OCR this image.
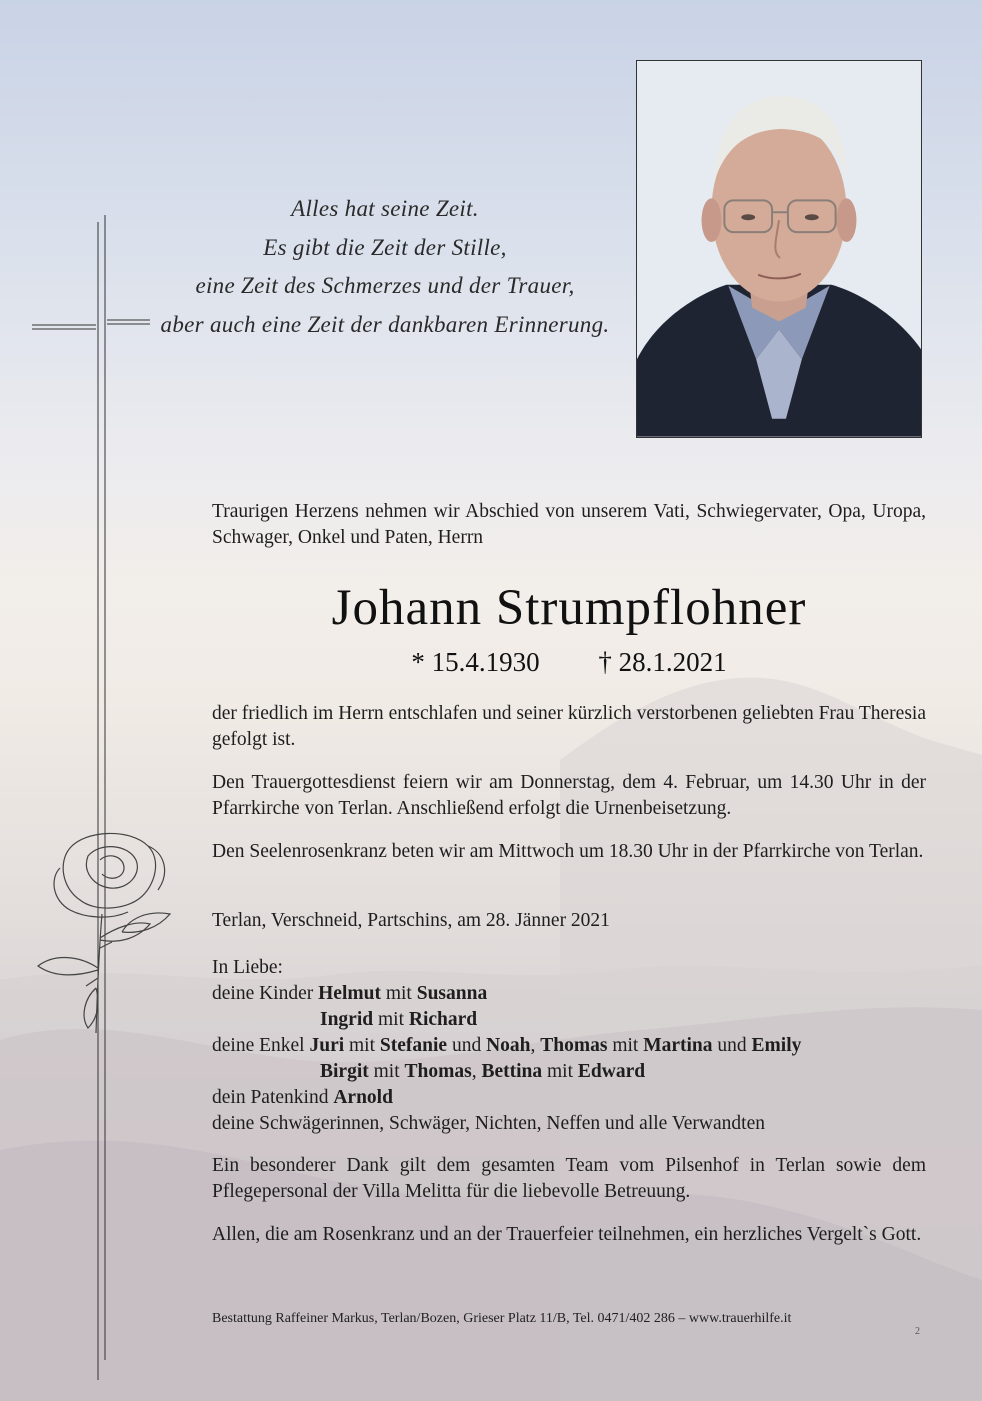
Alles hat seine Zeit.
Es gibt die Zeit der Stille,
eine Zeit des Schmerzes und der Trauer,
aber auch eine Zeit der dankbaren Erinnerung.

Traurigen Herzens nehmen wir Abschied von unserem Vati, Schwiegervater, Opa, Uropa, Schwager, Onkel und Paten, Herrn

Johann Strumpflohner
* 15.4.1930 † 28.1.2021

der friedlich im Herrn entschlafen und seiner kürzlich verstorbenen geliebten Frau Theresia gefolgt ist.

Den Trauergottesdienst feiern wir am Donnerstag, dem 4. Februar, um 14.30 Uhr in der Pfarrkirche von Terlan. Anschließend erfolgt die Urnenbeisetzung.

Den Seelenrosenkranz beten wir am Mittwoch um 18.30 Uhr in der Pfarrkirche von Terlan.

Terlan, Verschneid, Partschins, am 28. Jänner 2021

In Liebe:
deine Kinder Helmut mit Susanna
Ingrid mit Richard
deine Enkel Juri mit Stefanie und Noah, Thomas mit Martina und Emily
Birgit mit Thomas, Bettina mit Edward
dein Patenkind Arnold
deine Schwägerinnen, Schwäger, Nichten, Neffen und alle Verwandten

Ein besonderer Dank gilt dem gesamten Team vom Pilsenhof in Terlan sowie dem Pflegepersonal der Villa Melitta für die liebevolle Betreuung.

Allen, die am Rosenkranz und an der Trauerfeier teilnehmen, ein herzliches Vergelt`s Gott.

Bestattung Raffeiner Markus, Terlan/Bozen, Grieser Platz 11/B, Tel. 0471/402 286 – www.trauerhilfe.it
2
